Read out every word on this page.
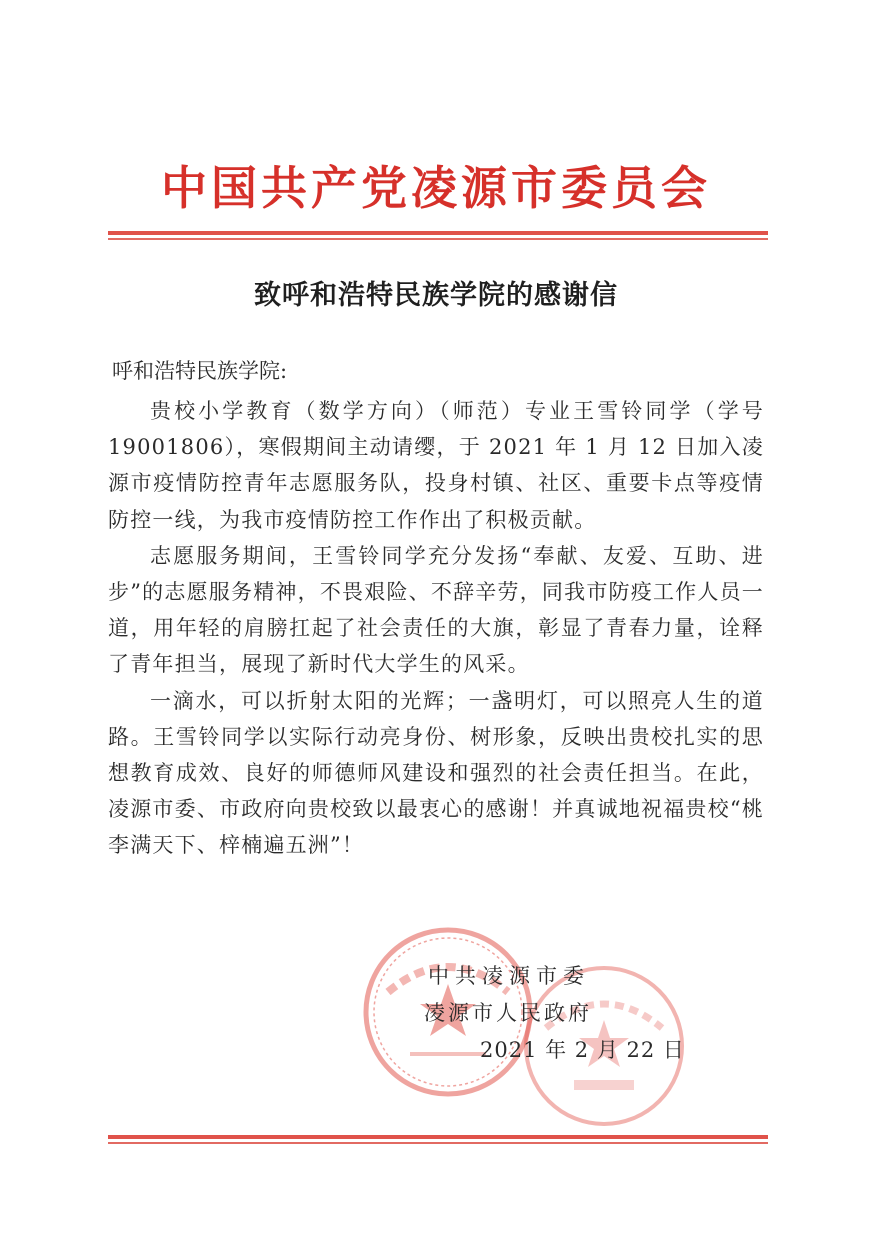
中国共产党凌源市委员会
致呼和浩特民族学院的感谢信

呼和浩特民族学院:

贵校小学教育（数学方向）（师范）专业王雪铃同学（学号 19001806），寒假期间主动请缨，于 2021 年 1 月 12 日加入凌源市疫情防控青年志愿服务队，投身村镇、社区、重要卡点等疫情防控一线，为我市疫情防控工作作出了积极贡献。

志愿服务期间，王雪铃同学充分发扬“奉献、友爱、互助、进步”的志愿服务精神，不畏艰险、不辞辛劳，同我市防疫工作人员一道，用年轻的肩膀扛起了社会责任的大旗，彰显了青春力量，诠释了青年担当，展现了新时代大学生的风采。

一滴水，可以折射太阳的光辉；一盏明灯，可以照亮人生的道路。王雪铃同学以实际行动亮身份、树形象，反映出贵校扎实的思想教育成效、良好的师德师风建设和强烈的社会责任担当。在此，凌源市委、市政府向贵校致以最衷心的感谢！并真诚地祝福贵校“桃李满天下、梓楠遍五洲”！

中共凌源市委
凌源市人民政府
2021 年 2 月 22 日
